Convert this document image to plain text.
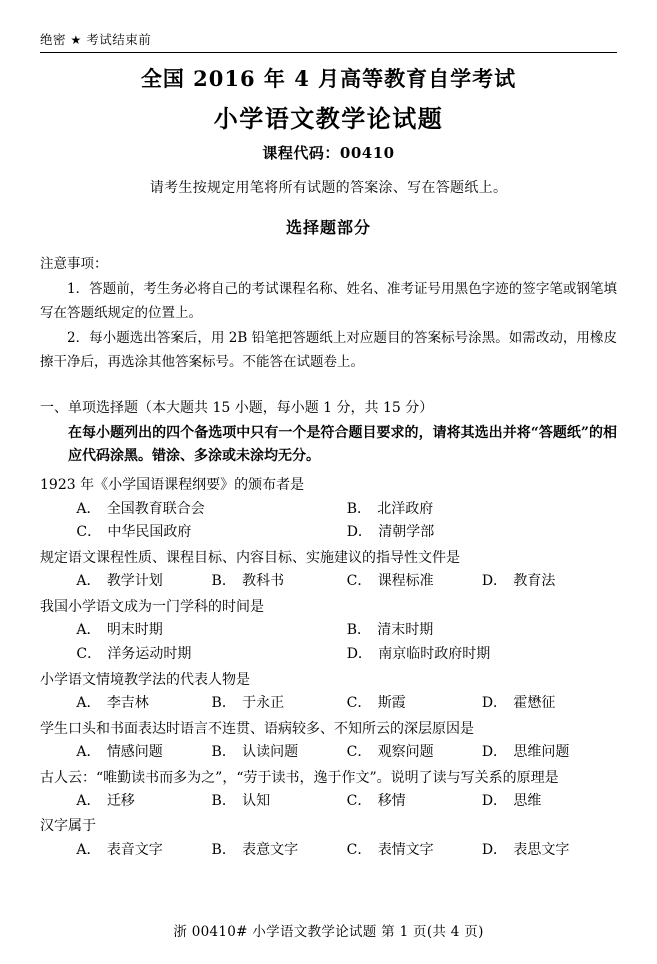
绝密 ★ 考试结束前
全国 2016 年 4 月高等教育自学考试
小学语文教学论试题
课程代码：00410
请考生按规定用笔将所有试题的答案涂、写在答题纸上。
选择题部分
注意事项：
1．答题前，考生务必将自己的考试课程名称、姓名、准考证号用黑色字迹的签字笔或钢笔填写在答题纸规定的位置上。
2．每小题选出答案后，用 2B 铅笔把答题纸上对应题目的答案标号涂黑。如需改动，用橡皮擦干净后，再选涂其他答案标号。不能答在试题卷上。
一、单项选择题（本大题共 15 小题，每小题 1 分，共 15 分）
在每小题列出的四个备选项中只有一个是符合题目要求的，请将其选出并将“答题纸”的相应代码涂黑。错涂、多涂或未涂均无分。
1923 年《小学国语课程纲要》的颁布者是
A． 全国教育联合会	B． 北洋政府
C． 中华民国政府	D． 清朝学部
规定语文课程性质、课程目标、内容目标、实施建议的指导性文件是
A． 教学计划	B． 教科书	C． 课程标准	D． 教育法
我国小学语文成为一门学科的时间是
A． 明末时期	B． 清末时期
C． 洋务运动时期	D． 南京临时政府时期
小学语文情境教学法的代表人物是
A． 李吉林	B． 于永正	C． 斯霞	D． 霍懋征
学生口头和书面表达时语言不连贯、语病较多、不知所云的深层原因是
A． 情感问题	B． 认读问题	C． 观察问题	D． 思维问题
古人云：“唯勤读书而多为之”，“劳于读书，逸于作文”。说明了读与写关系的原理是
A． 迁移	B． 认知	C． 移情	D． 思维
汉字属于
A． 表音文字	B． 表意文字	C． 表情文字	D． 表思文字
浙 00410# 小学语文教学论试题 第 1 页(共 4 页)
